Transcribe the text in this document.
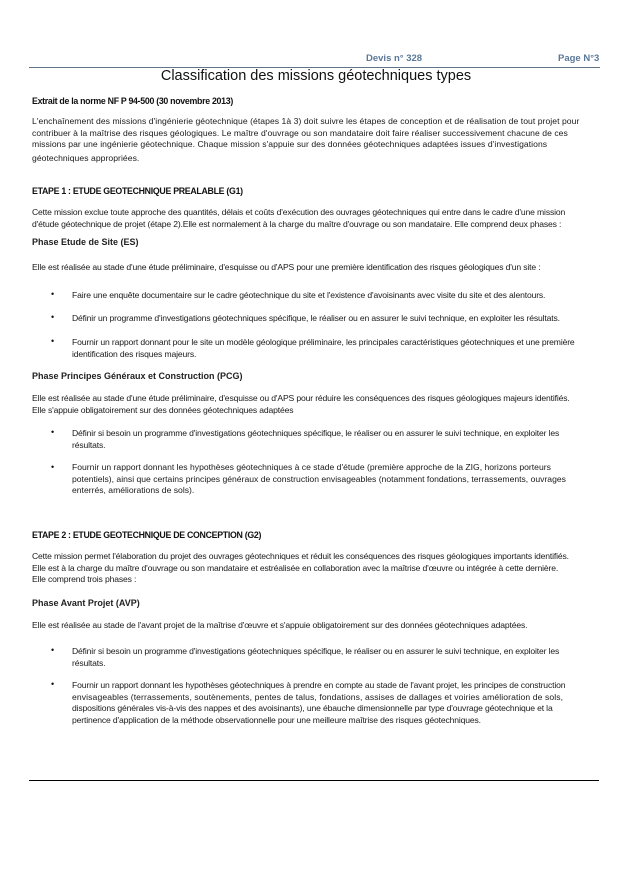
Devis n° 328	Page N°3
Classification des missions géotechniques types
Extrait de la norme NF P 94-500 (30 novembre 2013)
L'enchaînement des missions d'ingénierie géotechnique (étapes 1à 3) doit suivre les étapes de conception et de réalisation de tout projet pour
contribuer à la maîtrise des risques géologiques. Le maître d'ouvrage ou son mandataire doit faire réaliser successivement chacune de ces
missions par une ingénierie géotechnique. Chaque mission s'appuie sur des données géotechniques adaptées issues d'investigations
géotechniques appropriées.
ETAPE 1 : ETUDE GEOTECHNIQUE PREALABLE (G1)
Cette mission exclue toute approche des quantités, délais et coûts d'exécution des ouvrages géotechniques qui entre dans le cadre d'une mission
d'étude géotechnique de projet (étape 2).Elle est normalement à la charge du maître d'ouvrage ou son mandataire. Elle comprend deux phases :
Phase Etude de Site (ES)
Elle est réalisée au stade d'une étude préliminaire, d'esquisse ou d'APS pour une première identification des risques géologiques d'un site :
• Faire une enquête documentaire sur le cadre géotechnique du site et l'existence d'avoisinants avec visite du site et des alentours.
• Définir un programme d'investigations géotechniques spécifique, le réaliser ou en assurer le suivi technique, en exploiter les résultats.
• Fournir un rapport donnant pour le site un modèle géologique préliminaire, les principales caractéristiques géotechniques et une première
identification des risques majeurs.
Phase Principes Généraux et Construction (PCG)
Elle est réalisée au stade d'une étude préliminaire, d'esquisse ou d'APS pour réduire les conséquences des risques géologiques majeurs identifiés.
Elle s'appuie obligatoirement sur des données géotechniques adaptées
• Définir si besoin un programme d'investigations géotechniques spécifique, le réaliser ou en assurer le suivi technique, en exploiter les
résultats.
• Fournir un rapport donnant les hypothèses géotechniques à ce stade d'étude (première approche de la ZIG, horizons porteurs
potentiels), ainsi que certains principes généraux de construction envisageables (notamment fondations, terrassements, ouvrages
enterrés, améliorations de sols).
ETAPE 2 : ETUDE GEOTECHNIQUE DE CONCEPTION (G2)
Cette mission permet l'élaboration du projet des ouvrages géotechniques et réduit les conséquences des risques géologiques importants identifiés.
Elle est à la charge du maître d'ouvrage ou son mandataire et estréalisée en collaboration avec la maîtrise d'œuvre ou intégrée à cette dernière.
Elle comprend trois phases :
Phase Avant Projet (AVP)
Elle est réalisée au stade de l'avant projet de la maîtrise d'œuvre et s'appuie obligatoirement sur des données géotechniques adaptées.
• Définir si besoin un programme d'investigations géotechniques spécifique, le réaliser ou en assurer le suivi technique, en exploiter les
résultats.
• Fournir un rapport donnant les hypothèses géotechniques à prendre en compte au stade de l'avant projet, les principes de construction
envisageables (terrassements, soutènements, pentes de talus, fondations, assises de dallages et voiries amélioration de sols,
dispositions générales vis-à-vis des nappes et des avoisinants), une ébauche dimensionnelle par type d'ouvrage géotechnique et la
pertinence d'application de la méthode observationnelle pour une meilleure maîtrise des risques géotechniques.
